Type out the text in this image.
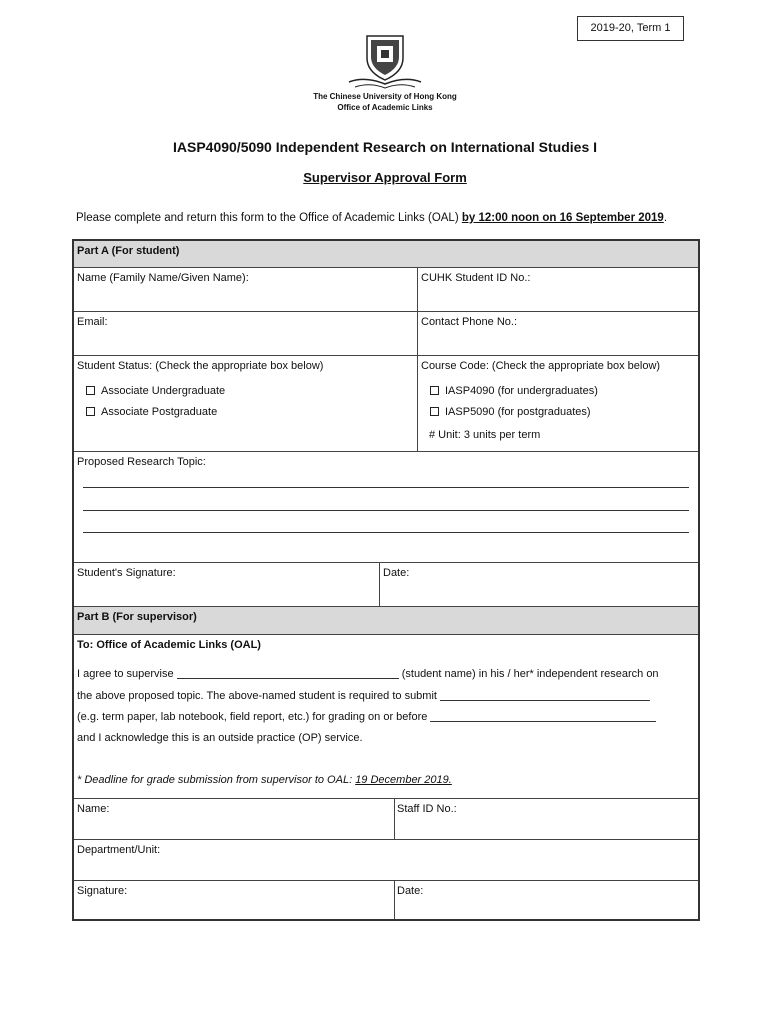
2019-20, Term 1
The Chinese University of Hong Kong
Office of Academic Links
IASP4090/5090 Independent Research on International Studies I
Supervisor Approval Form
Please complete and return this form to the Office of Academic Links (OAL) by 12:00 noon on 16 September 2019.
Part A (For student)
Name (Family Name/Given Name):	CUHK Student ID No.:
Email:	Contact Phone No.:
Student Status: (Check the appropriate box below)	Course Code: (Check the appropriate box below)
Associate Undergraduate
Associate Postgraduate
IASP4090 (for undergraduates)
IASP5090 (for postgraduates)
# Unit: 3 units per term
Proposed Research Topic:
Student's Signature:	Date:
Part B (For supervisor)
To: Office of Academic Links (OAL)
I agree to supervise	(student name) in his / her* independent research on
the above proposed topic. The above-named student is required to submit
(e.g. term paper, lab notebook, field report, etc.) for grading on or before
and I acknowledge this is an outside practice (OP) service.
* Deadline for grade submission from supervisor to OAL: 19 December 2019.
Name:	Staff ID No.:
Department/Unit:
Signature:	Date:
